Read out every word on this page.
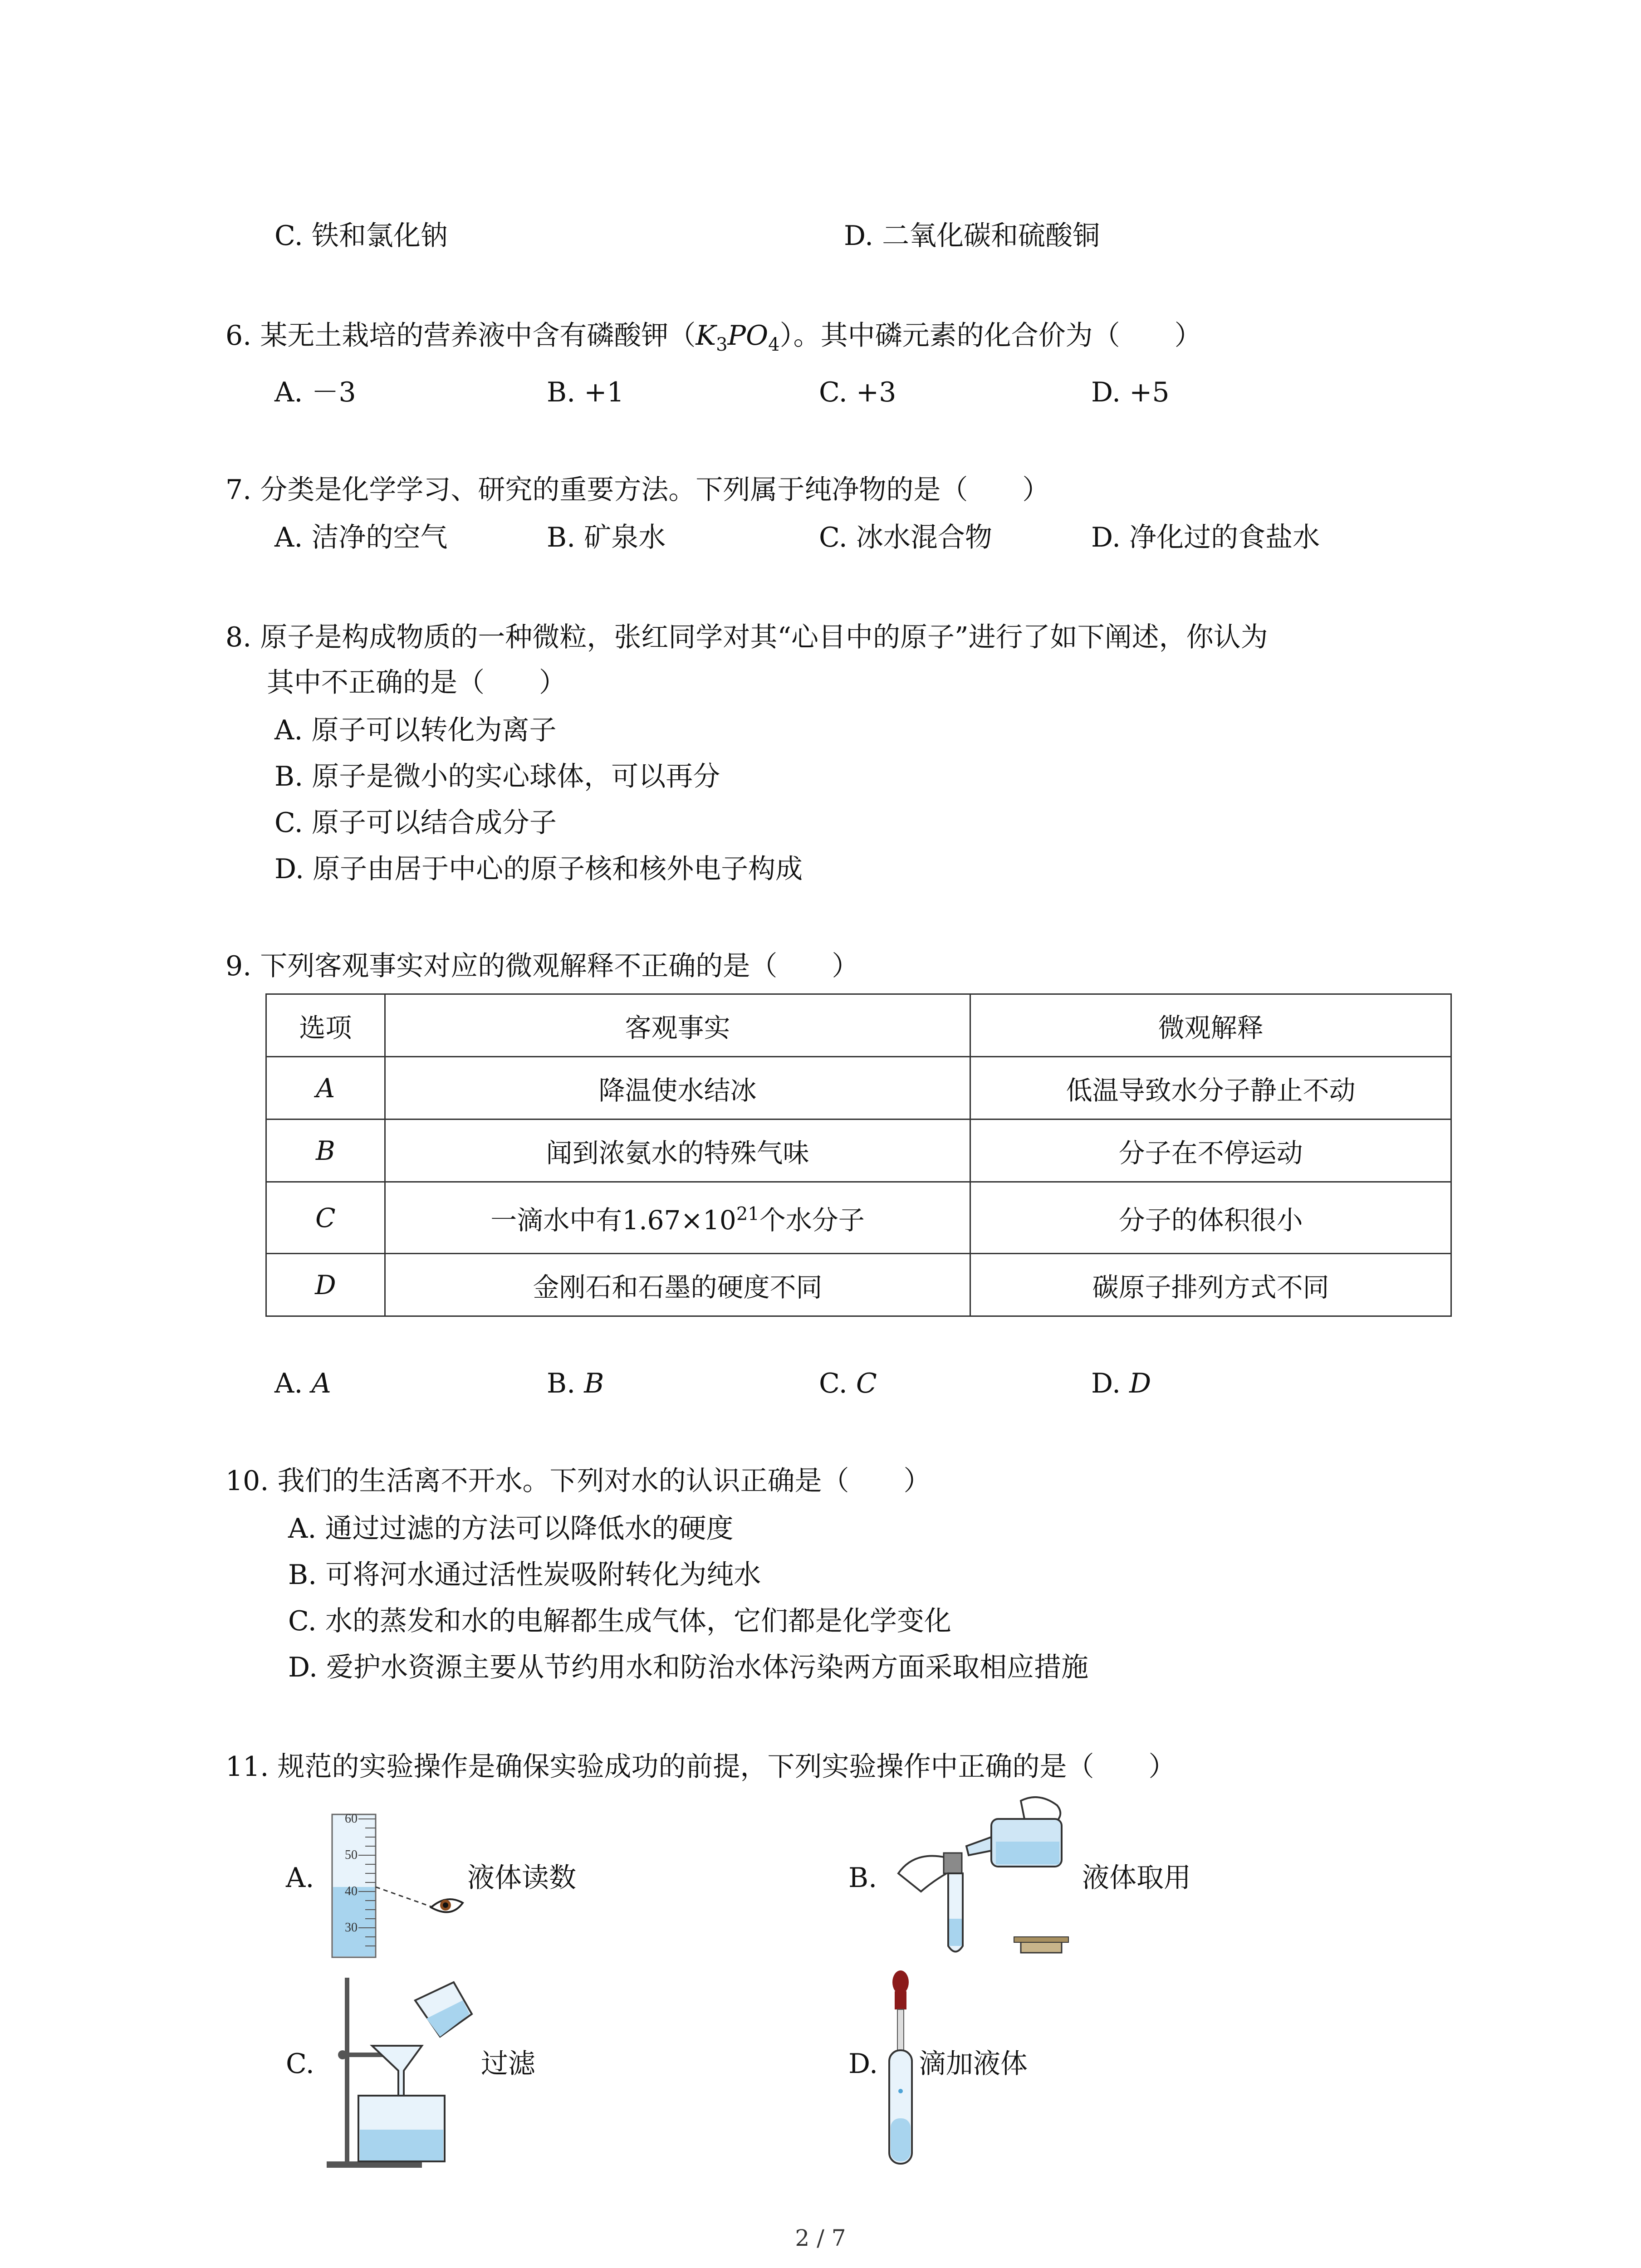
C. 铁和氯化钠	D. 二氧化碳和硫酸铜
6. 某无土栽培的营养液中含有磷酸钾$(K_3PO_4)$。其中磷元素的化合价为（　　）
A. －3	B. +1	C. +3	D. +5
7. 分类是化学学习、研究的重要方法。下列属于纯净物的是（　　）
A. 洁净的空气	B. 矿泉水	C. 冰水混合物	D. 净化过的食盐水
8. 原子是构成物质的一种微粒，张红同学对其“心目中的原子”进行了如下阐述，你认为
其中不正确的是（　　）
A. 原子可以转化为离子
B. 原子是微小的实心球体，可以再分
C. 原子可以结合成分子
D. 原子由居于中心的原子核和核外电子构成
9. 下列客观事实对应的微观解释不正确的是（　　）
选项	客观事实	微观解释
A	降温使水结冰	低温导致水分子静止不动
B	闻到浓氨水的特殊气味	分子在不停运动
C	一滴水中有$1.67\times 10^{21}$个水分子	分子的体积很小
D	金刚石和石墨的硬度不同	碳原子排列方式不同
A. A	B. B	C. C	D. D
10. 我们的生活离不开水。下列对水的认识正确是（　　）
A. 通过过滤的方法可以降低水的硬度
B. 可将河水通过活性炭吸附转化为纯水
C. 水的蒸发和水的电解都生成气体，它们都是化学变化
D. 爱护水资源主要从节约用水和防治水体污染两方面采取相应措施
11. 规范的实验操作是确保实验成功的前提，下列实验操作中正确的是（　　）
A.
60
50
40
30
液体读数	B.	液体取用
C.	过滤	D. 滴加液体
2 / 7
